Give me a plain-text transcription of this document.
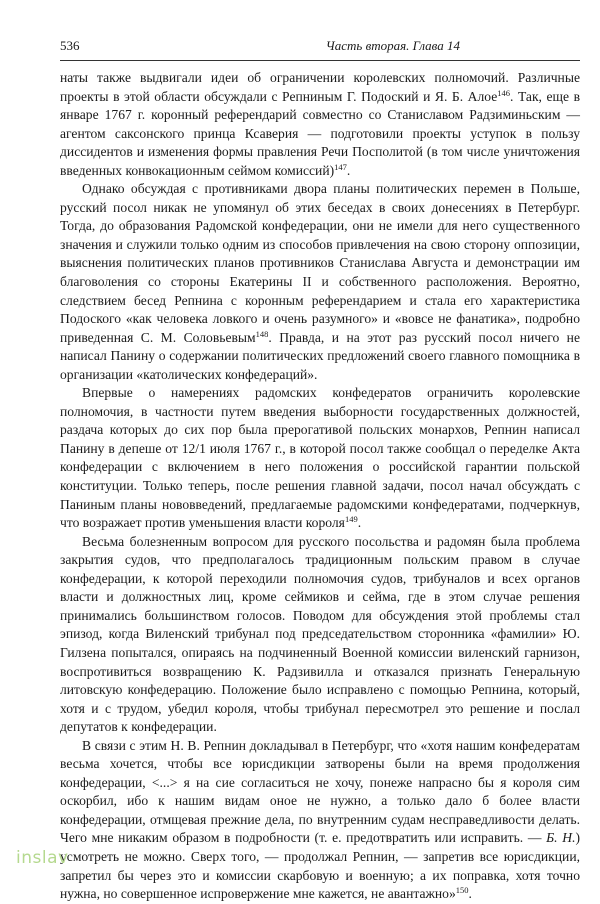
536	Часть вторая. Глава 14

наты также выдвигали идеи об ограничении королевских полномочий. Различные проекты в этой области обсуждали с Репниным Г. Подоский и Я. Б. Алое$^{146}$. Так, еще в январе 1767 г. коронный референдарий совместно со Станиславом Радзиминьским — агентом саксонского принца Ксаверия — подготовили проекты уступок в пользу диссидентов и изменения формы правления Речи Посполитой (в том числе уничтожения введенных конвокационным сеймом комиссий)$^{147}$.

Однако обсуждая с противниками двора планы политических перемен в Польше, русский посол никак не упомянул об этих беседах в своих донесениях в Петербург. Тогда, до образования Радомской конфедерации, они не имели для него существенного значения и служили только одним из способов привлечения на свою сторону оппозиции, выяснения политических планов противников Станислава Августа и демонстрации им благоволения со стороны Екатерины II и собственного расположения. Вероятно, следствием бесед Репнина с коронным референдарием и стала его характеристика Подоского «как человека ловкого и очень разумного» и «вовсе не фанатика», подробно приведенная С. М. Соловьевым$^{148}$. Правда, и на этот раз русский посол ничего не написал Панину о содержании политических предложений своего главного помощника в организации «католических конфедераций».

Впервые о намерениях радомских конфедератов ограничить королевские полномочия, в частности путем введения выборности государственных должностей, раздача которых до сих пор была прерогативой польских монархов, Репнин написал Панину в депеше от 12/1 июля 1767 г., в которой посол также сообщал о переделке Акта конфедерации с включением в него положения о российской гарантии польской конституции. Только теперь, после решения главной задачи, посол начал обсуждать с Паниным планы нововведений, предлагаемые радомскими конфедератами, подчеркнув, что возражает против уменьшения власти короля$^{149}$.

Весьма болезненным вопросом для русского посольства и радомян была проблема закрытия судов, что предполагалось традиционным польским правом в случае конфедерации, к которой переходили полномочия судов, трибуналов и всех органов власти и должностных лиц, кроме сеймиков и сейма, где в этом случае решения принимались большинством голосов. Поводом для обсуждения этой проблемы стал эпизод, когда Виленский трибунал под председательством сторонника «фамилии» Ю. Гилзена попытался, опираясь на подчиненный Военной комиссии виленский гарнизон, воспротивиться возвращению К. Радзивилла и отказался признать Генеральную литовскую конфедерацию. Положение было исправлено с помощью Репнина, который, хотя и с трудом, убедил короля, чтобы трибунал пересмотрел это решение и послал депутатов к конфедерации.

В связи с этим Н. В. Репнин докладывал в Петербург, что «хотя нашим конфедератам весьма хочется, чтобы все юрисдикции затворены были на время продолжения конфедерации, <...> я на сие согласиться не хочу, понеже напрасно бы я короля сим оскорбил, ибо к нашим видам оное не нужно, а только дало б более власти конфедерации, отмщевая прежние дела, по внутренним судам несправедливости делать. Чего мне никаким образом в подробности (т. е. предотвратить или исправить. — Б. Н.) усмотреть не можно. Сверх того, — продолжал Репнин, — запретив все юрисдикции, запретил бы через это и комиссии скарбовую и военную; а их поправка, хотя точно нужна, но совершенное испровержение мне кажется, не авантажно»$^{150}$.

inslav
